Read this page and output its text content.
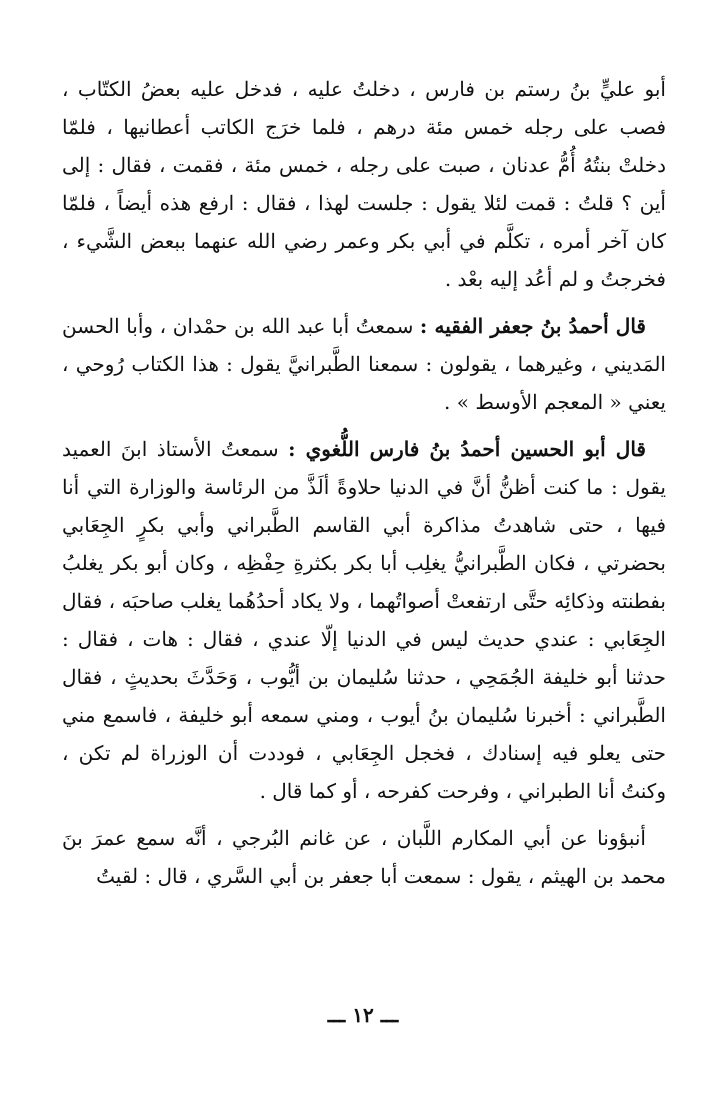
أبو عليٍّ بنُ رستم بن فارس ، دخلتُ عليه ، فدخل عليه بعضُ الكتّاب ، فصب على رجله خمس مئة درهم ، فلما خرَج الكاتب أعطانيها ، فلمّا دخلتْ بنتُهُ أُمُّ عدنان ، صبت على رجله ، خمس مئة ، فقمت ، فقال : إلى أين ؟ قلتُ : قمت لئلا يقول : جلست لهذا ، فقال : ارفع هذه أيضاً ، فلمّا كان آخر أمره ، تكلَّم في أبي بكر وعمر رضي الله عنهما ببعض الشَّيء ، فخرجتُ و لم أعُد إليه بعْد .

قال أحمدُ بنُ جعفر الفقيه : سمعتُ أبا عبد الله بن حمْدان ، وأبا الحسن المَديني ، وغيرهما ، يقولون : سمعنا الطَّبرانيَّ يقول : هذا الكتاب رُوحي ، يعني « المعجم الأوسط » .

قال أبو الحسين أحمدُ بنُ فارس اللُّغوي : سمعتُ الأستاذ ابنَ العميد يقول : ما كنت أظنُّ أنَّ في الدنيا حلاوةً ألَذَّ من الرئاسة والوزارة التي أنا فيها ، حتى شاهدتُ مذاكرة أبي القاسم الطَّبراني وأبي بكرٍ الجِعَابي بحضرتي ، فكان الطَّبرانيُّ يغلِب أبا بكر بكثرةِ حِفْظِه ، وكان أبو بكر يغلبُ بفطنته وذكائِه حتَّى ارتفعتْ أصواتُهما ، ولا يكاد أحدُهُما يغلب صاحبَه ، فقال الجِعَابي : عندي حديث ليس في الدنيا إلّا عندي ، فقال : هات ، فقال : حدثنا أبو خليفة الجُمَحِي ، حدثنا سُليمان بن أيُّوب ، وَحَدَّثَ بحديثٍ ، فقال الطَّبراني : أخبرنا سُليمان بنُ أيوب ، ومني سمعه أبو خليفة ، فاسمع مني حتى يعلو فيه إسنادك ، فخجل الجِعَابي ، فوددت أن الوزراة لم تكن ، وكنتُ أنا الطبراني ، وفرحت كفرحه ، أو كما قال .

أنبؤونا عن أبي المكارم اللَّبان ، عن غانم البُرجي ، أنَّه سمع عمرَ بنَ محمد بن الهيثم ، يقول : سمعت أبا جعفر بن أبي السَّري ، قال : لقيتُ

ـــ ١٢ ـــ
